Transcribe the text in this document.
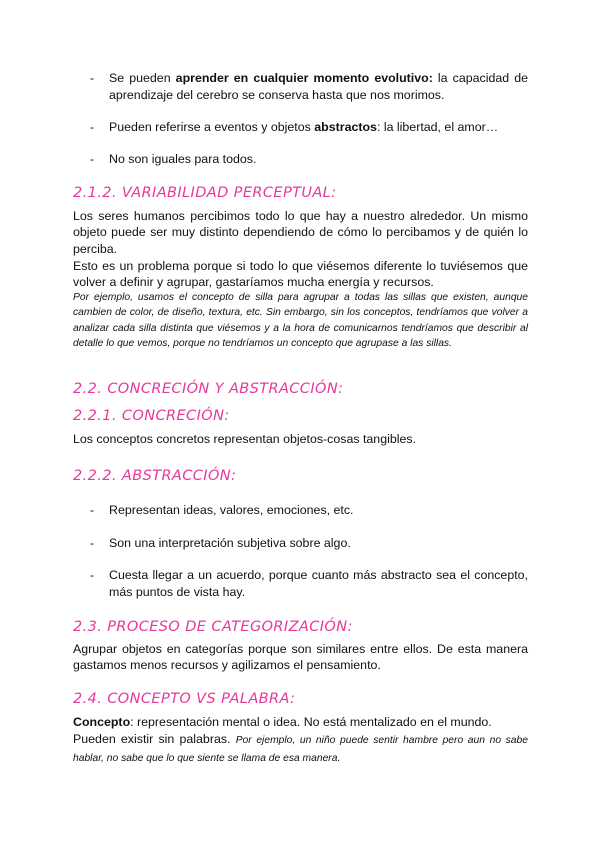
- Se pueden aprender en cualquier momento evolutivo: la capacidad de aprendizaje del cerebro se conserva hasta que nos morimos.
- Pueden referirse a eventos y objetos abstractos: la libertad, el amor…
- No son iguales para todos.
2.1.2. VARIABILIDAD PERCEPTUAL:

Los seres humanos percibimos todo lo que hay a nuestro alrededor. Un mismo objeto puede ser muy distinto dependiendo de cómo lo percibamos y de quién lo perciba.

Esto es un problema porque si todo lo que viésemos diferente lo tuviésemos que volver a definir y agrupar, gastaríamos mucha energía y recursos.

Por ejemplo, usamos el concepto de silla para agrupar a todas las sillas que existen, aunque cambien de color, de diseño, textura, etc. Sin embargo, sin los conceptos, tendríamos que volver a analizar cada silla distinta que viésemos y a la hora de comunicarnos tendríamos que describir al detalle lo que vemos, porque no tendríamos un concepto que agrupase a las sillas.

2.2. CONCRECIÓN Y ABSTRACCIÓN:
2.2.1. CONCRECIÓN:

Los conceptos concretos representan objetos-cosas tangibles.

2.2.2. ABSTRACCIÓN:
- Representan ideas, valores, emociones, etc.
- Son una interpretación subjetiva sobre algo.
- Cuesta llegar a un acuerdo, porque cuanto más abstracto sea el concepto, más puntos de vista hay.
2.3. PROCESO DE CATEGORIZACIÓN:

Agrupar objetos en categorías porque son similares entre ellos. De esta manera gastamos menos recursos y agilizamos el pensamiento.

2.4. CONCEPTO VS PALABRA:

Concepto: representación mental o idea. No está mentalizado en el mundo.

Pueden existir sin palabras. Por ejemplo, un niño puede sentir hambre pero aun no sabe hablar, no sabe que lo que siente se llama de esa manera.
